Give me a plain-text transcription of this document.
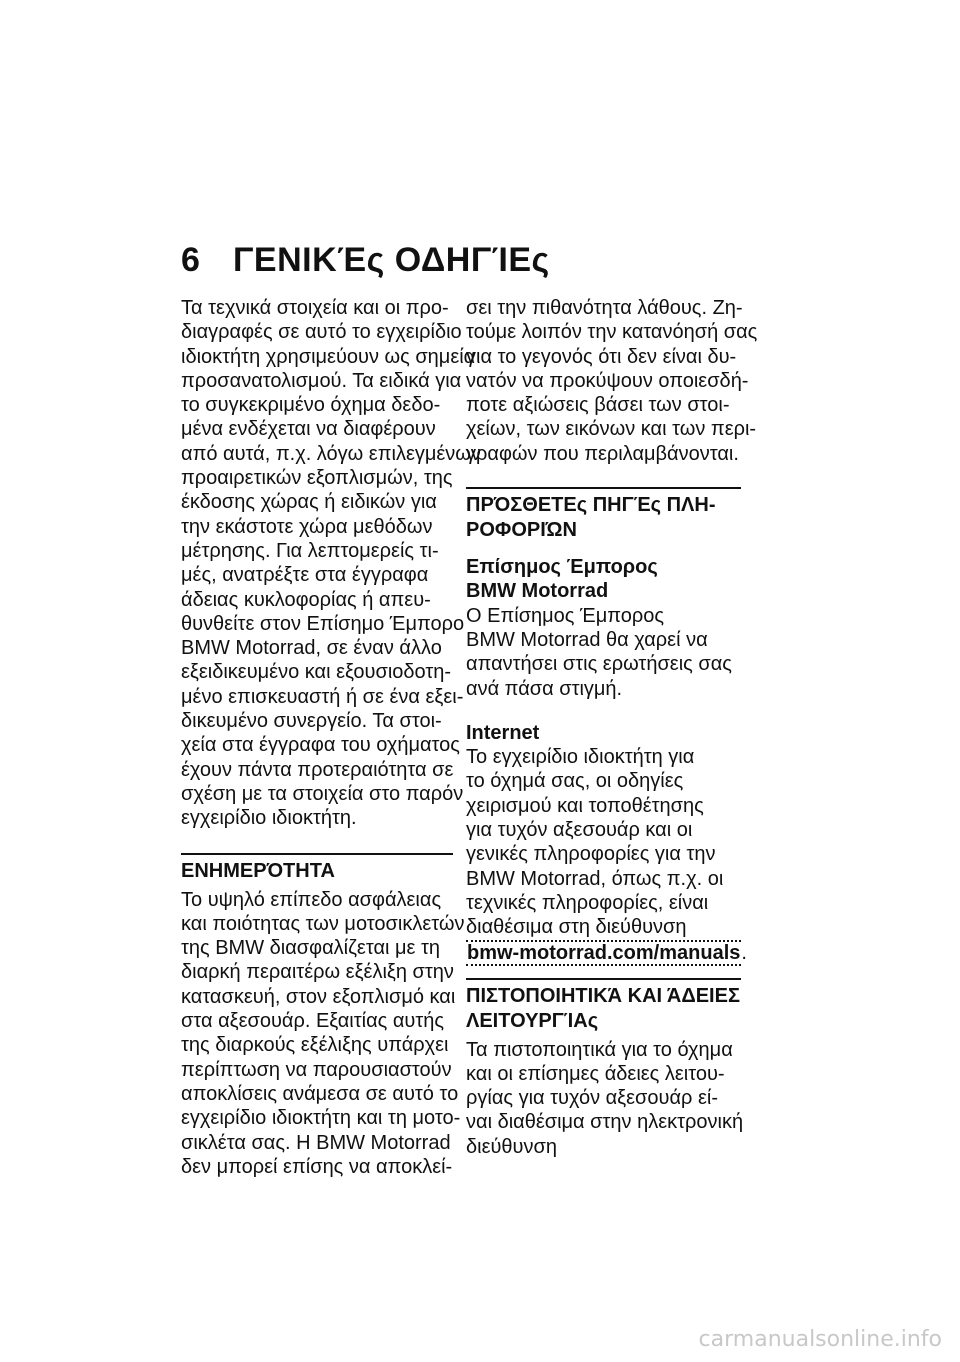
6 ΓΕΝΙΚΈς ΟΔΗΓΊΕς
Τα τεχνικά στοιχεία και οι προ-
διαγραφές σε αυτό το εγχειρίδιο
ιδιοκτήτη χρησιμεύουν ως σημεία
προσανατολισμού. Τα ειδικά για
το συγκεκριμένο όχημα δεδο-
μένα ενδέχεται να διαφέρουν
από αυτά, π.χ. λόγω επιλεγμένων
προαιρετικών εξοπλισμών, της
έκδοσης χώρας ή ειδικών για
την εκάστοτε χώρα μεθόδων
μέτρησης. Για λεπτομερείς τι-
μές, ανατρέξτε στα έγγραφα
άδειας κυκλοφορίας ή απευ-
θυνθείτε στον Επίσημο Έμπορο
BMW Motorrad, σε έναν άλλο
εξειδικευμένο και εξουσιοδοτη-
μένο επισκευαστή ή σε ένα εξει-
δικευμένο συνεργείο. Τα στοι-
χεία στα έγγραφα του οχήματος
έχουν πάντα προτεραιότητα σε
σχέση με τα στοιχεία στο παρόν
εγχειρίδιο ιδιοκτήτη.
ΕΝΗΜΕΡΌΤΗΤΑ
Το υψηλό επίπεδο ασφάλειας
και ποιότητας των μοτοσικλετών
της BMW διασφαλίζεται με τη
διαρκή περαιτέρω εξέλιξη στην
κατασκευή, στον εξοπλισμό και
στα αξεσουάρ. Εξαιτίας αυτής
της διαρκούς εξέλιξης υπάρχει
περίπτωση να παρουσιαστούν
αποκλίσεις ανάμεσα σε αυτό το
εγχειρίδιο ιδιοκτήτη και τη μοτο-
σικλέτα σας. Η BMW Motorrad
δεν μπορεί επίσης να αποκλεί-
σει την πιθανότητα λάθους. Ζη-
τούμε λοιπόν την κατανόησή σας
για το γεγονός ότι δεν είναι δυ-
νατόν να προκύψουν οποιεσδή-
ποτε αξιώσεις βάσει των στοι-
χείων, των εικόνων και των περι-
γραφών που περιλαμβάνονται.
ΠΡΌΣΘΕΤΕς ΠΗΓΈς ΠΛΗ-
ΡΟΦΟΡΙΏΝ
Επίσημος Έμπορος
BMW Motorrad
Ο Επίσημος Έμπορος
BMW Motorrad θα χαρεί να
απαντήσει στις ερωτήσεις σας
ανά πάσα στιγμή.
Internet
Το εγχειρίδιο ιδιοκτήτη για
το όχημά σας, οι οδηγίες
χειρισμού και τοποθέτησης
για τυχόν αξεσουάρ και οι
γενικές πληροφορίες για την
BMW Motorrad, όπως π.χ. οι
τεχνικές πληροφορίες, είναι
διαθέσιμα στη διεύθυνση
bmw-motorrad.com/manuals.
ΠΙΣΤΟΠΟΙΗΤΙΚΆ ΚΑΙ ΆΔΕΙΕΣ
ΛΕΙΤΟΥΡΓΊΑς
Τα πιστοποιητικά για το όχημα
και οι επίσημες άδειες λειτου-
ργίας για τυχόν αξεσουάρ εί-
ναι διαθέσιμα στην ηλεκτρονική
διεύθυνση
carmanualsonline.info
